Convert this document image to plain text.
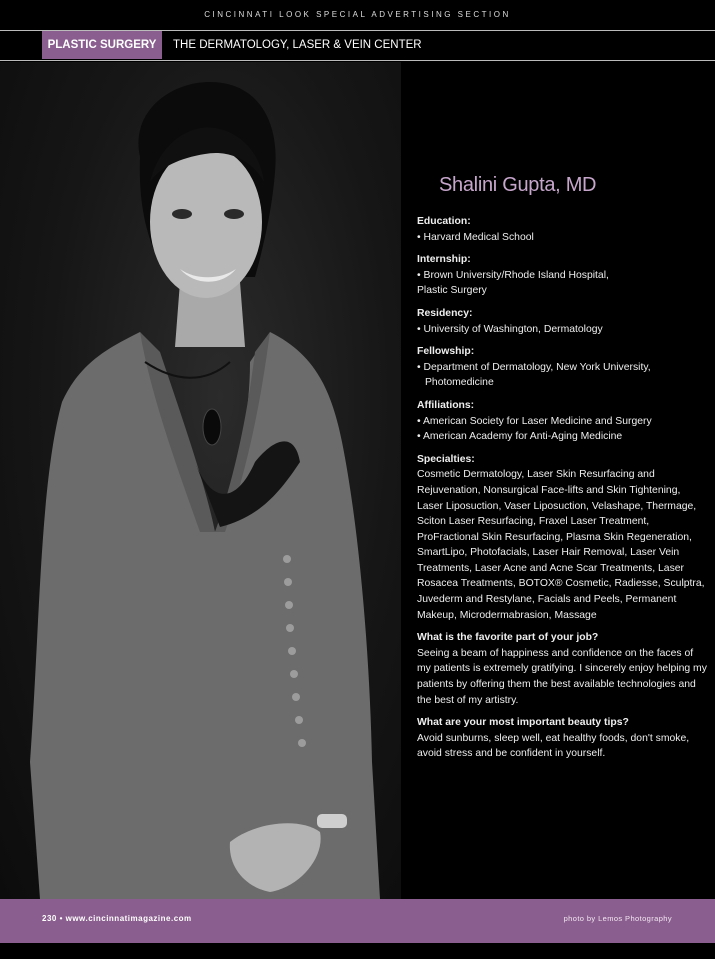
CINCINNATI LOOK SPECIAL ADVERTISING SECTION
PLASTIC SURGERY	THE DERMATOLOGY, LASER & VEIN CENTER
Shalini Gupta, MD
Education:
• Harvard Medical School
Internship:
• Brown University/Rhode Island Hospital,
Plastic Surgery
Residency:
• University of Washington, Dermatology
Fellowship:
• Department of Dermatology, New York University,
Photomedicine
Affiliations:
• American Society for Laser Medicine and Surgery
• American Academy for Anti-Aging Medicine
Specialties:
Cosmetic Dermatology, Laser Skin Resurfacing and Rejuvenation, Nonsurgical Face-lifts and Skin Tightening, Laser Liposuction, Vaser Liposuction, Velashape, Thermage, Sciton Laser Resurfacing, Fraxel Laser Treatment, ProFractional Skin Resurfacing, Plasma Skin Regeneration, SmartLipo, Photofacials, Laser Hair Removal, Laser Vein Treatments, Laser Acne and Acne Scar Treatments, Laser Rosacea Treatments, BOTOX® Cosmetic, Radiesse, Sculptra, Juvederm and Restylane, Facials and Peels, Permanent Makeup, Microdermabrasion, Massage
What is the favorite part of your job?
Seeing a beam of happiness and confidence on the faces of my patients is extremely gratifying. I sincerely enjoy helping my patients by offering them the best available technologies and the best of my artistry.
What are your most important beauty tips?
Avoid sunburns, sleep well, eat healthy foods, don't smoke, avoid stress and be confident in yourself.
230 • www.cincinnatimagazine.com	photo by Lemos Photography
